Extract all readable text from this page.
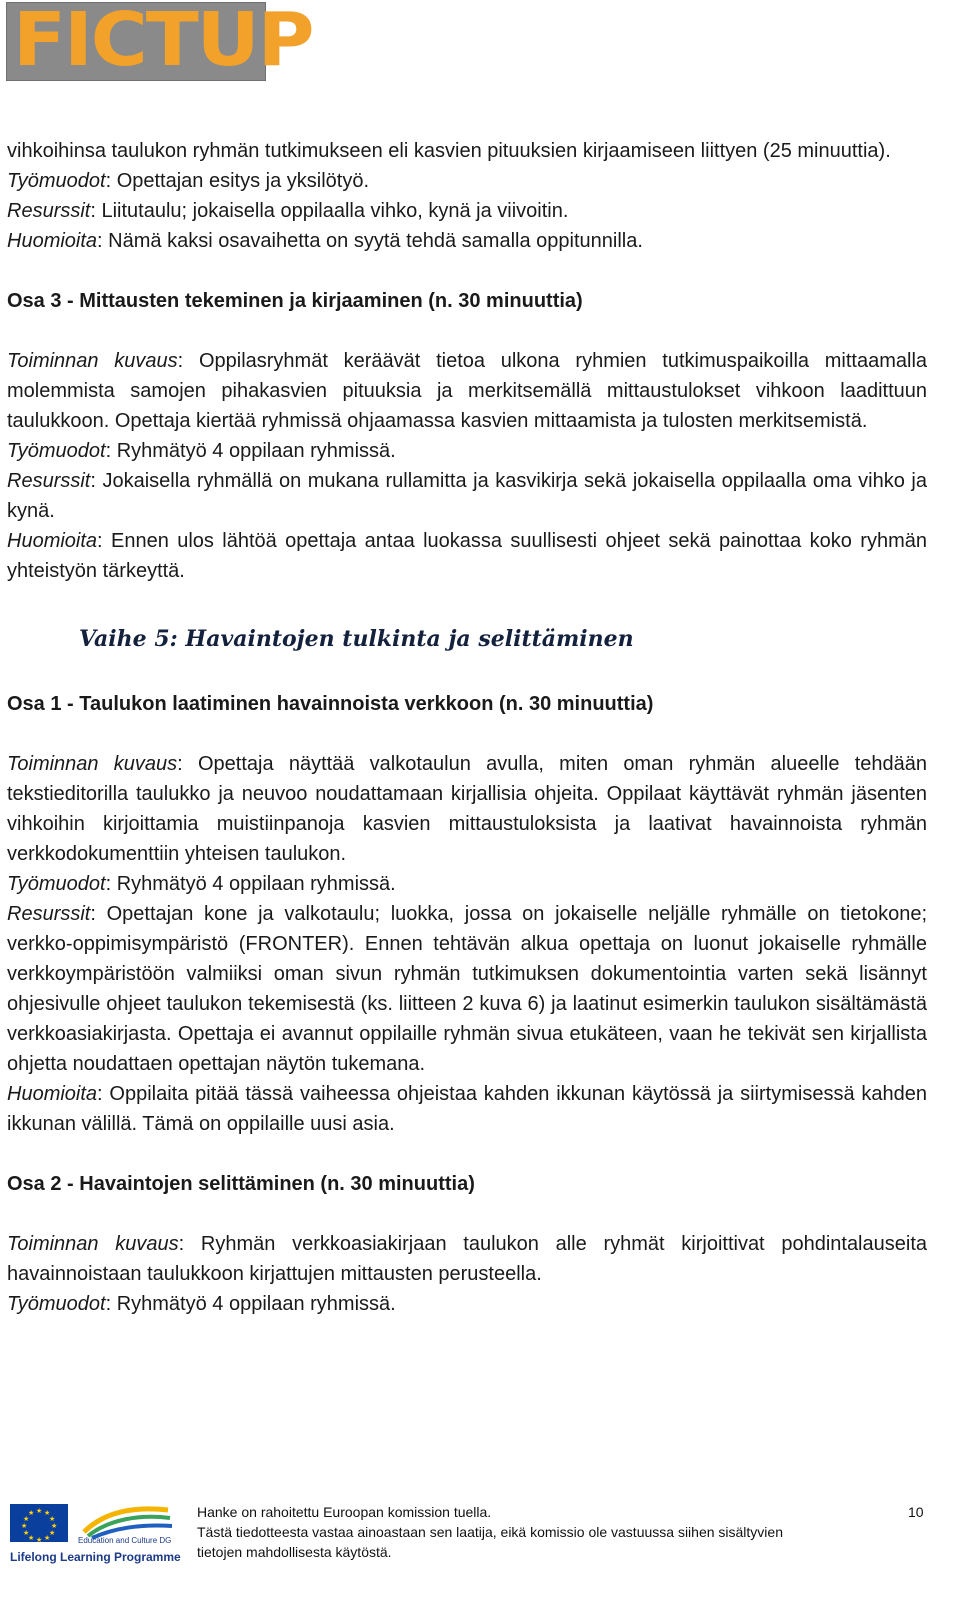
FICTUP

vihkoihinsa taulukon ryhmän tutkimukseen eli kasvien pituuksien kirjaamiseen liittyen (25 minuuttia).

Työmuodot: Opettajan esitys ja yksilötyö.

Resurssit: Liitutaulu; jokaisella oppilaalla vihko, kynä ja viivoitin.

Huomioita: Nämä kaksi osavaihetta on syytä tehdä samalla oppitunnilla.

Osa 3 - Mittausten tekeminen ja kirjaaminen (n. 30 minuuttia)

Toiminnan kuvaus: Oppilasryhmät keräävät tietoa ulkona ryhmien tutkimuspaikoilla mittaamalla molemmista samojen pihakasvien pituuksia ja merkitsemällä mittaustulokset vihkoon laadittuun taulukkoon. Opettaja kiertää ryhmissä ohjaamassa kasvien mittaamista ja tulosten merkitsemistä.

Työmuodot: Ryhmätyö 4 oppilaan ryhmissä.

Resurssit: Jokaisella ryhmällä on mukana rullamitta ja kasvikirja sekä jokaisella oppilaalla oma vihko ja kynä.

Huomioita: Ennen ulos lähtöä opettaja antaa luokassa suullisesti ohjeet sekä painottaa koko ryhmän yhteistyön tärkeyttä.

Vaihe 5: Havaintojen tulkinta ja selittäminen

Osa 1 - Taulukon laatiminen havainnoista verkkoon (n. 30 minuuttia)

Toiminnan kuvaus: Opettaja näyttää valkotaulun avulla, miten oman ryhmän alueelle tehdään tekstieditorilla taulukko ja neuvoo noudattamaan kirjallisia ohjeita. Oppilaat käyttävät ryhmän jäsenten vihkoihin kirjoittamia muistiinpanoja kasvien mittaustuloksista ja laativat havainnoista ryhmän verkkodokumenttiin yhteisen taulukon.

Työmuodot: Ryhmätyö 4 oppilaan ryhmissä.

Resurssit: Opettajan kone ja valkotaulu; luokka, jossa on jokaiselle neljälle ryhmälle on tietokone; verkko-oppimisympäristö (FRONTER). Ennen tehtävän alkua opettaja on luonut jokaiselle ryhmälle verkkoympäristöön valmiiksi oman sivun ryhmän tutkimuksen dokumentointia varten sekä lisännyt ohjesivulle ohjeet taulukon tekemisestä (ks. liitteen 2 kuva 6) ja laatinut esimerkin taulukon sisältämästä verkkoasiakirjasta. Opettaja ei avannut oppilaille ryhmän sivua etukäteen, vaan he tekivät sen kirjallista ohjetta noudattaen opettajan näytön tukemana.

Huomioita: Oppilaita pitää tässä vaiheessa ohjeistaa kahden ikkunan käytössä ja siirtymisessä kahden ikkunan välillä. Tämä on oppilaille uusi asia.

Osa 2 - Havaintojen selittäminen (n. 30 minuuttia)

Toiminnan kuvaus: Ryhmän verkkoasiakirjaan taulukon alle ryhmät kirjoittivat pohdintalauseita havainnoistaan taulukkoon kirjattujen mittausten perusteella.

Työmuodot: Ryhmätyö 4 oppilaan ryhmissä.

★ ★
★
★
★
★
★
★
★
★
★
★
Education and Culture DG
Lifelong Learning Programme
Hanke on rahoitettu Euroopan komission tuella.
Tästä tiedotteesta vastaa ainoastaan sen laatija, eikä komissio ole vastuussa siihen sisältyvien
tietojen mahdollisesta käytöstä.
10
